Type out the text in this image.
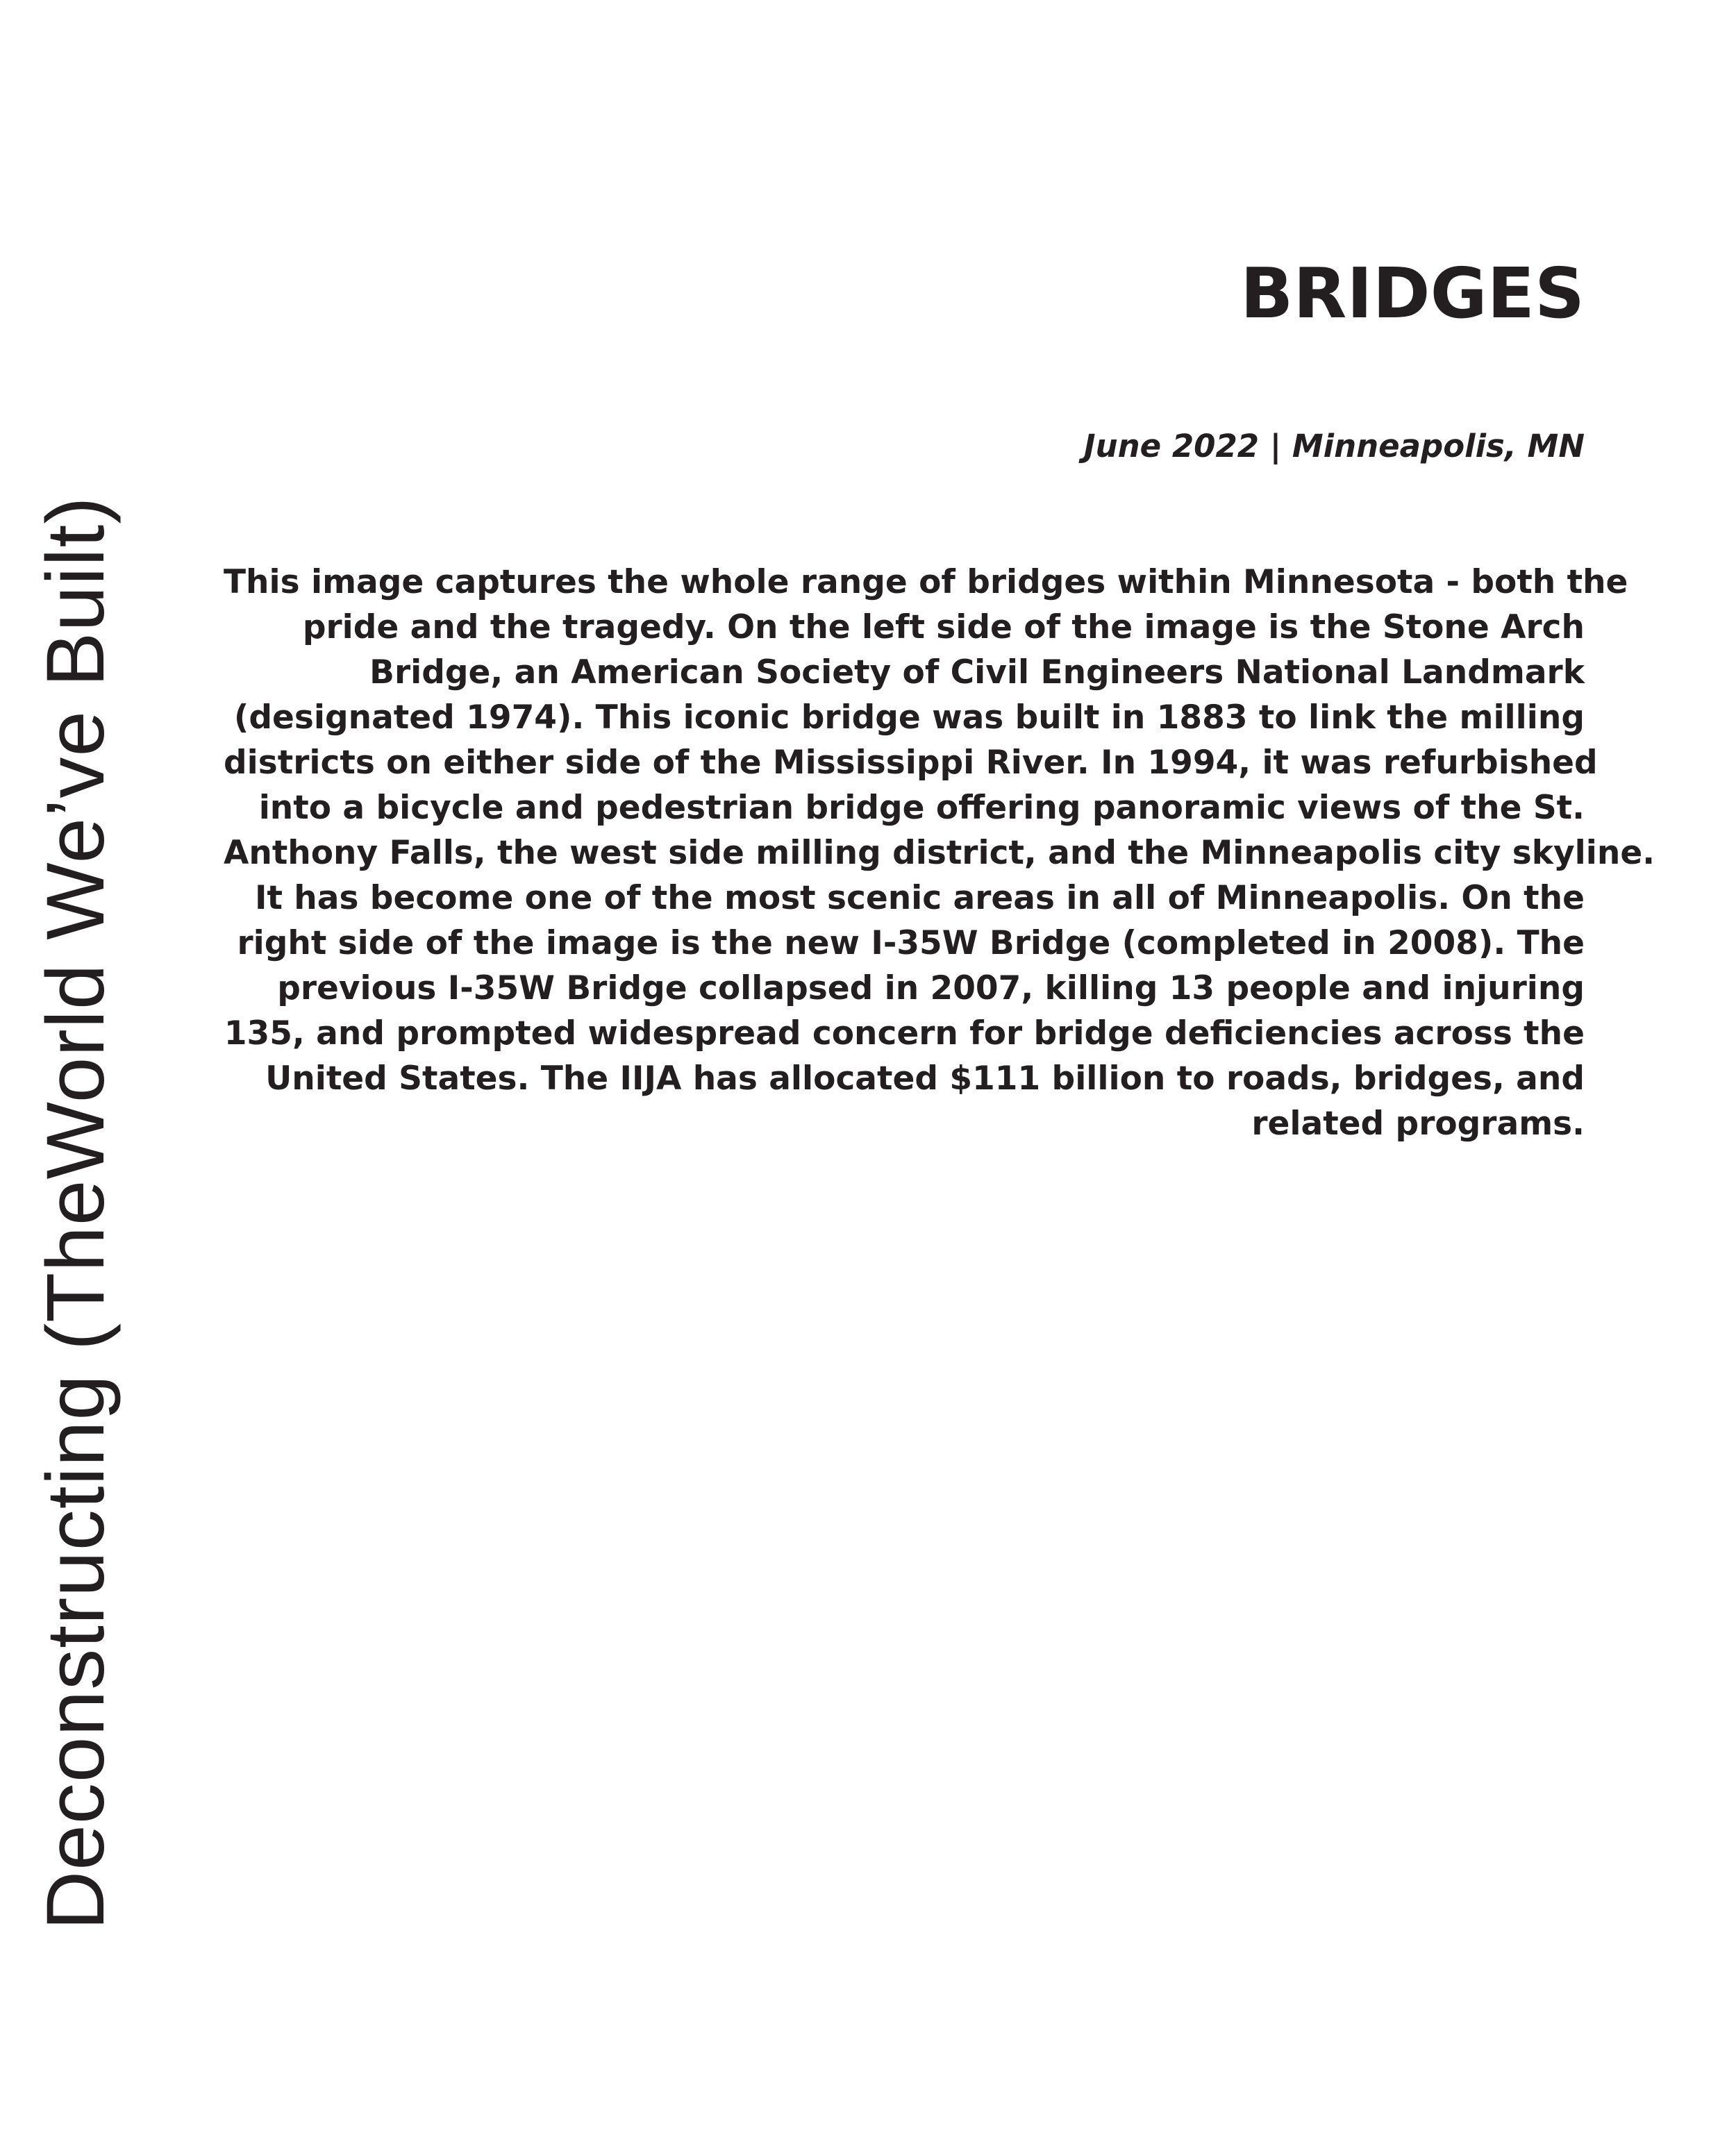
Deconstructing (TheWorld We’ve Built)
BRIDGES

June 2022 | Minneapolis, MN

This image captures the whole range of bridges within Minnesota - both the
pride and the tragedy. On the left side of the image is the Stone Arch
Bridge, an American Society of Civil Engineers National Landmark
(designated 1974). This iconic bridge was built in 1883 to link the milling
districts on either side of the Mississippi River. In 1994, it was refurbished
into a bicycle and pedestrian bridge offering panoramic views of the St.
Anthony Falls, the west side milling district, and the Minneapolis city skyline.
It has become one of the most scenic areas in all of Minneapolis. On the
right side of the image is the new I-35W Bridge (completed in 2008). The
previous I-35W Bridge collapsed in 2007, killing 13 people and injuring
135, and prompted widespread concern for bridge deficiencies across the
United States. The IIJA has allocated $111 billion to roads, bridges, and
related programs.
